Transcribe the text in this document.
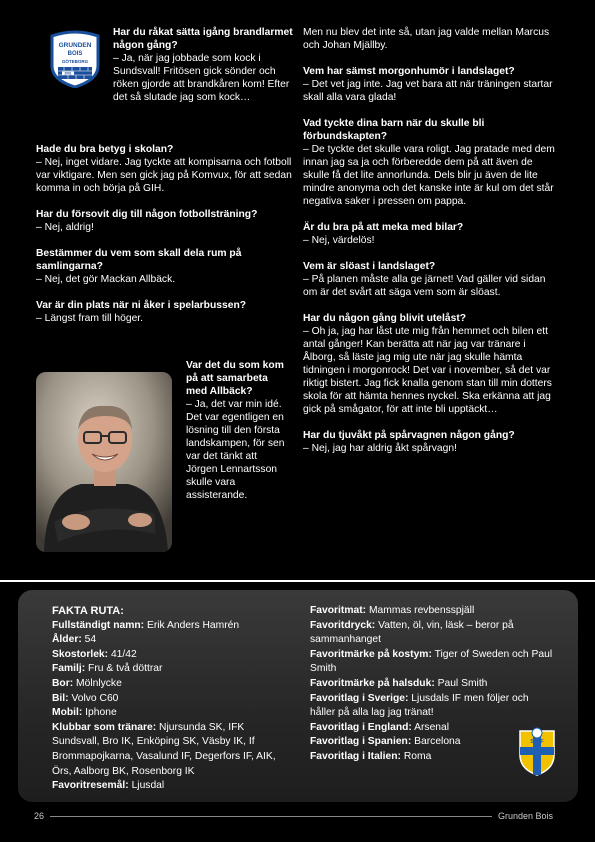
GRUNDEN
BOIS
GÖTEBORG
2001
Har du råkat sätta igång brandlarmet någon gång?
– Ja, när jag jobbade som kock i Sundsvall! Fritösen gick sönder och röken gjorde att brandkåren kom! Efter det så slutade jag som kock…
Hade du bra betyg i skolan?
– Nej, inget vidare. Jag tyckte att kompisarna och fotboll var viktigare. Men sen gick jag på Komvux, för att sedan komma in och börja på GIH.
Har du försovit dig till någon fotbollsträning?
– Nej, aldrig!
Bestämmer du vem som skall dela rum på samlingarna?
– Nej, det gör Mackan Allbäck.
Var är din plats när ni åker i spelarbussen?
– Längst fram till höger.
Var det du som kom på att samarbeta med Allbäck?
– Ja, det var min idé. Det var egentligen en lösning till den första landskampen, för sen var det tänkt att Jörgen Lennartsson skulle vara assisterande.
Men nu blev det inte så, utan jag valde mellan Marcus och Johan Mjällby.
Vem har sämst morgonhumör i landslaget?
– Det vet jag inte. Jag vet bara att när träningen startar skall alla vara glada!
Vad tyckte dina barn när du skulle bli förbundskapten?
– De tyckte det skulle vara roligt. Jag pratade med dem innan jag sa ja och förberedde dem på att även de skulle få det lite annorlunda. Dels blir ju även de lite mindre anonyma och det kanske inte är kul om det står negativa saker i pressen om pappa.
Är du bra på att meka med bilar?
– Nej, värdelös!
Vem är slöast i landslaget?
– På planen måste alla ge järnet! Vad gäller vid sidan om är det svårt att säga vem som är slöast.
Har du någon gång blivit utelåst?
– Oh ja, jag har låst ute mig från hemmet och bilen ett antal gånger! Kan berätta att när jag var tränare i Ålborg, så läste jag mig ute när jag skulle hämta tidningen i morgonrock! Det var i november, så det var riktigt bistert. Jag fick knalla genom stan till min dotters skola för att hämta hennes nyckel. Ska erkänna att jag gick på smågator, för att inte bli upptäckt…
Har du tjuvåkt på spårvagnen någon gång?
– Nej, jag har aldrig åkt spårvagn!
FAKTA RUTA:
Fullständigt namn: Erik Anders Hamrén
Ålder: 54
Skostorlek: 41/42
Familj: Fru & två döttrar
Bor: Mölnlycke
Bil: Volvo C60
Mobil: Iphone
Klubbar som tränare: Njursunda SK, IFK Sundsvall, Bro IK, Enköping SK, Väsby IK, If Brommapojkarna, Vasalund IF, Degerfors IF, AIK, Örs, Aalborg BK, Rosenborg IK
Favoritresemål: Ljusdal
Favoritmat: Mammas revbensspjäll
Favoritdryck: Vatten, öl, vin, läsk – beror på sammanhanget
Favoritmärke på kostym: Tiger of Sweden och Paul Smith
Favoritmärke på halsduk: Paul Smith
Favoritlag i Sverige: Ljusdals IF men följer och håller på alla lag jag tränat!
Favoritlag i England: Arsenal
Favoritlag i Spanien: Barcelona
Favoritlag i Italien: Roma
SvFF
26	Grunden Bois
